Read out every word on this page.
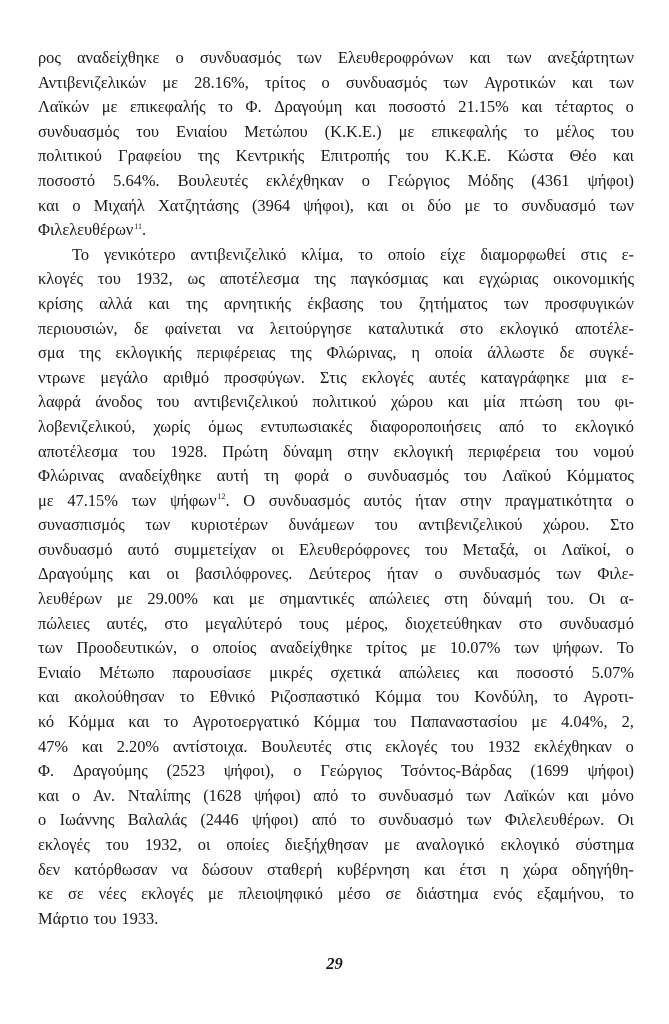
ρος αναδείχθηκε ο συνδυασμός των Ελευθεροφρόνων και των ανεξάρτητων
Αντιβενιζελικών με 28.16%, τρίτος ο συνδυασμός των Αγροτικών και των
Λαϊκών με επικεφαλής το Φ. Δραγούμη και ποσοστό 21.15% και τέταρτος ο
συνδυασμός του Ενιαίου Μετώπου (Κ.Κ.Ε.) με επικεφαλής το μέλος του
πολιτικού Γραφείου της Κεντρικής Επιτροπής του Κ.Κ.Ε. Κώστα Θέο και
ποσοστό 5.64%. Βουλευτές εκλέχθηκαν ο Γεώργιος Μόδης (4361 ψήφοι)
και ο Μιχαήλ Χατζητάσης (3964 ψήφοι), και οι δύο με το συνδυασμό των
Φιλελευθέρων$^{11}$.
Το γενικότερο αντιβενιζελικό κλίμα, το οποίο είχε διαμορφωθεί στις ε-
κλογές του 1932, ως αποτέλεσμα της παγκόσμιας και εγχώριας οικονομικής
κρίσης αλλά και της αρνητικής έκβασης του ζητήματος των προσφυγικών
περιουσιών, δε φαίνεται να λειτούργησε καταλυτικά στο εκλογικό αποτέλε-
σμα της εκλογικής περιφέρειας της Φλώρινας, η οποία άλλωστε δε συγκέ-
ντρωνε μεγάλο αριθμό προσφύγων. Στις εκλογές αυτές καταγράφηκε μια ε-
λαφρά άνοδος του αντιβενιζελικού πολιτικού χώρου και μία πτώση του φι-
λοβενιζελικού, χωρίς όμως εντυπωσιακές διαφοροποιήσεις από το εκλογικό
αποτέλεσμα του 1928. Πρώτη δύναμη στην εκλογική περιφέρεια του νομού
Φλώρινας αναδείχθηκε αυτή τη φορά ο συνδυασμός του Λαϊκού Κόμματος
με 47.15% των ψήφων$^{12}$. Ο συνδυασμός αυτός ήταν στην πραγματικότητα ο
συνασπισμός των κυριοτέρων δυνάμεων του αντιβενιζελικού χώρου. Στο
συνδυασμό αυτό συμμετείχαν οι Ελευθερόφρονες του Μεταξά, οι Λαϊκοί, ο
Δραγούμης και οι βασιλόφρονες. Δεύτερος ήταν ο συνδυασμός των Φιλε-
λευθέρων με 29.00% και με σημαντικές απώλειες στη δύναμή του. Οι α-
πώλειες αυτές, στο μεγαλύτερό τους μέρος, διοχετεύθηκαν στο συνδυασμό
των Προοδευτικών, ο οποίος αναδείχθηκε τρίτος με 10.07% των ψήφων. Το
Ενιαίο Μέτωπο παρουσίασε μικρές σχετικά απώλειες και ποσοστό 5.07%
και ακολούθησαν το Εθνικό Ριζοσπαστικό Κόμμα του Κονδύλη, το Αγροτι-
κό Κόμμα και το Αγροτοεργατικό Κόμμα του Παπαναστασίου με 4.04%, 2,
47% και 2.20% αντίστοιχα. Βουλευτές στις εκλογές του 1932 εκλέχθηκαν ο
Φ. Δραγούμης (2523 ψήφοι), ο Γεώργιος Τσόντος-Βάρδας (1699 ψήφοι)
και ο Αν. Νταλίπης (1628 ψήφοι) από το συνδυασμό των Λαϊκών και μόνο
ο Ιωάννης Βαλαλάς (2446 ψήφοι) από το συνδυασμό των Φιλελευθέρων. Οι
εκλογές του 1932, οι οποίες διεξήχθησαν με αναλογικό εκλογικό σύστημα
δεν κατόρθωσαν να δώσουν σταθερή κυβέρνηση και έτσι η χώρα οδηγήθη-
κε σε νέες εκλογές με πλειοψηφικό μέσο σε διάστημα ενός εξαμήνου, το
Μάρτιο του 1933.
29
